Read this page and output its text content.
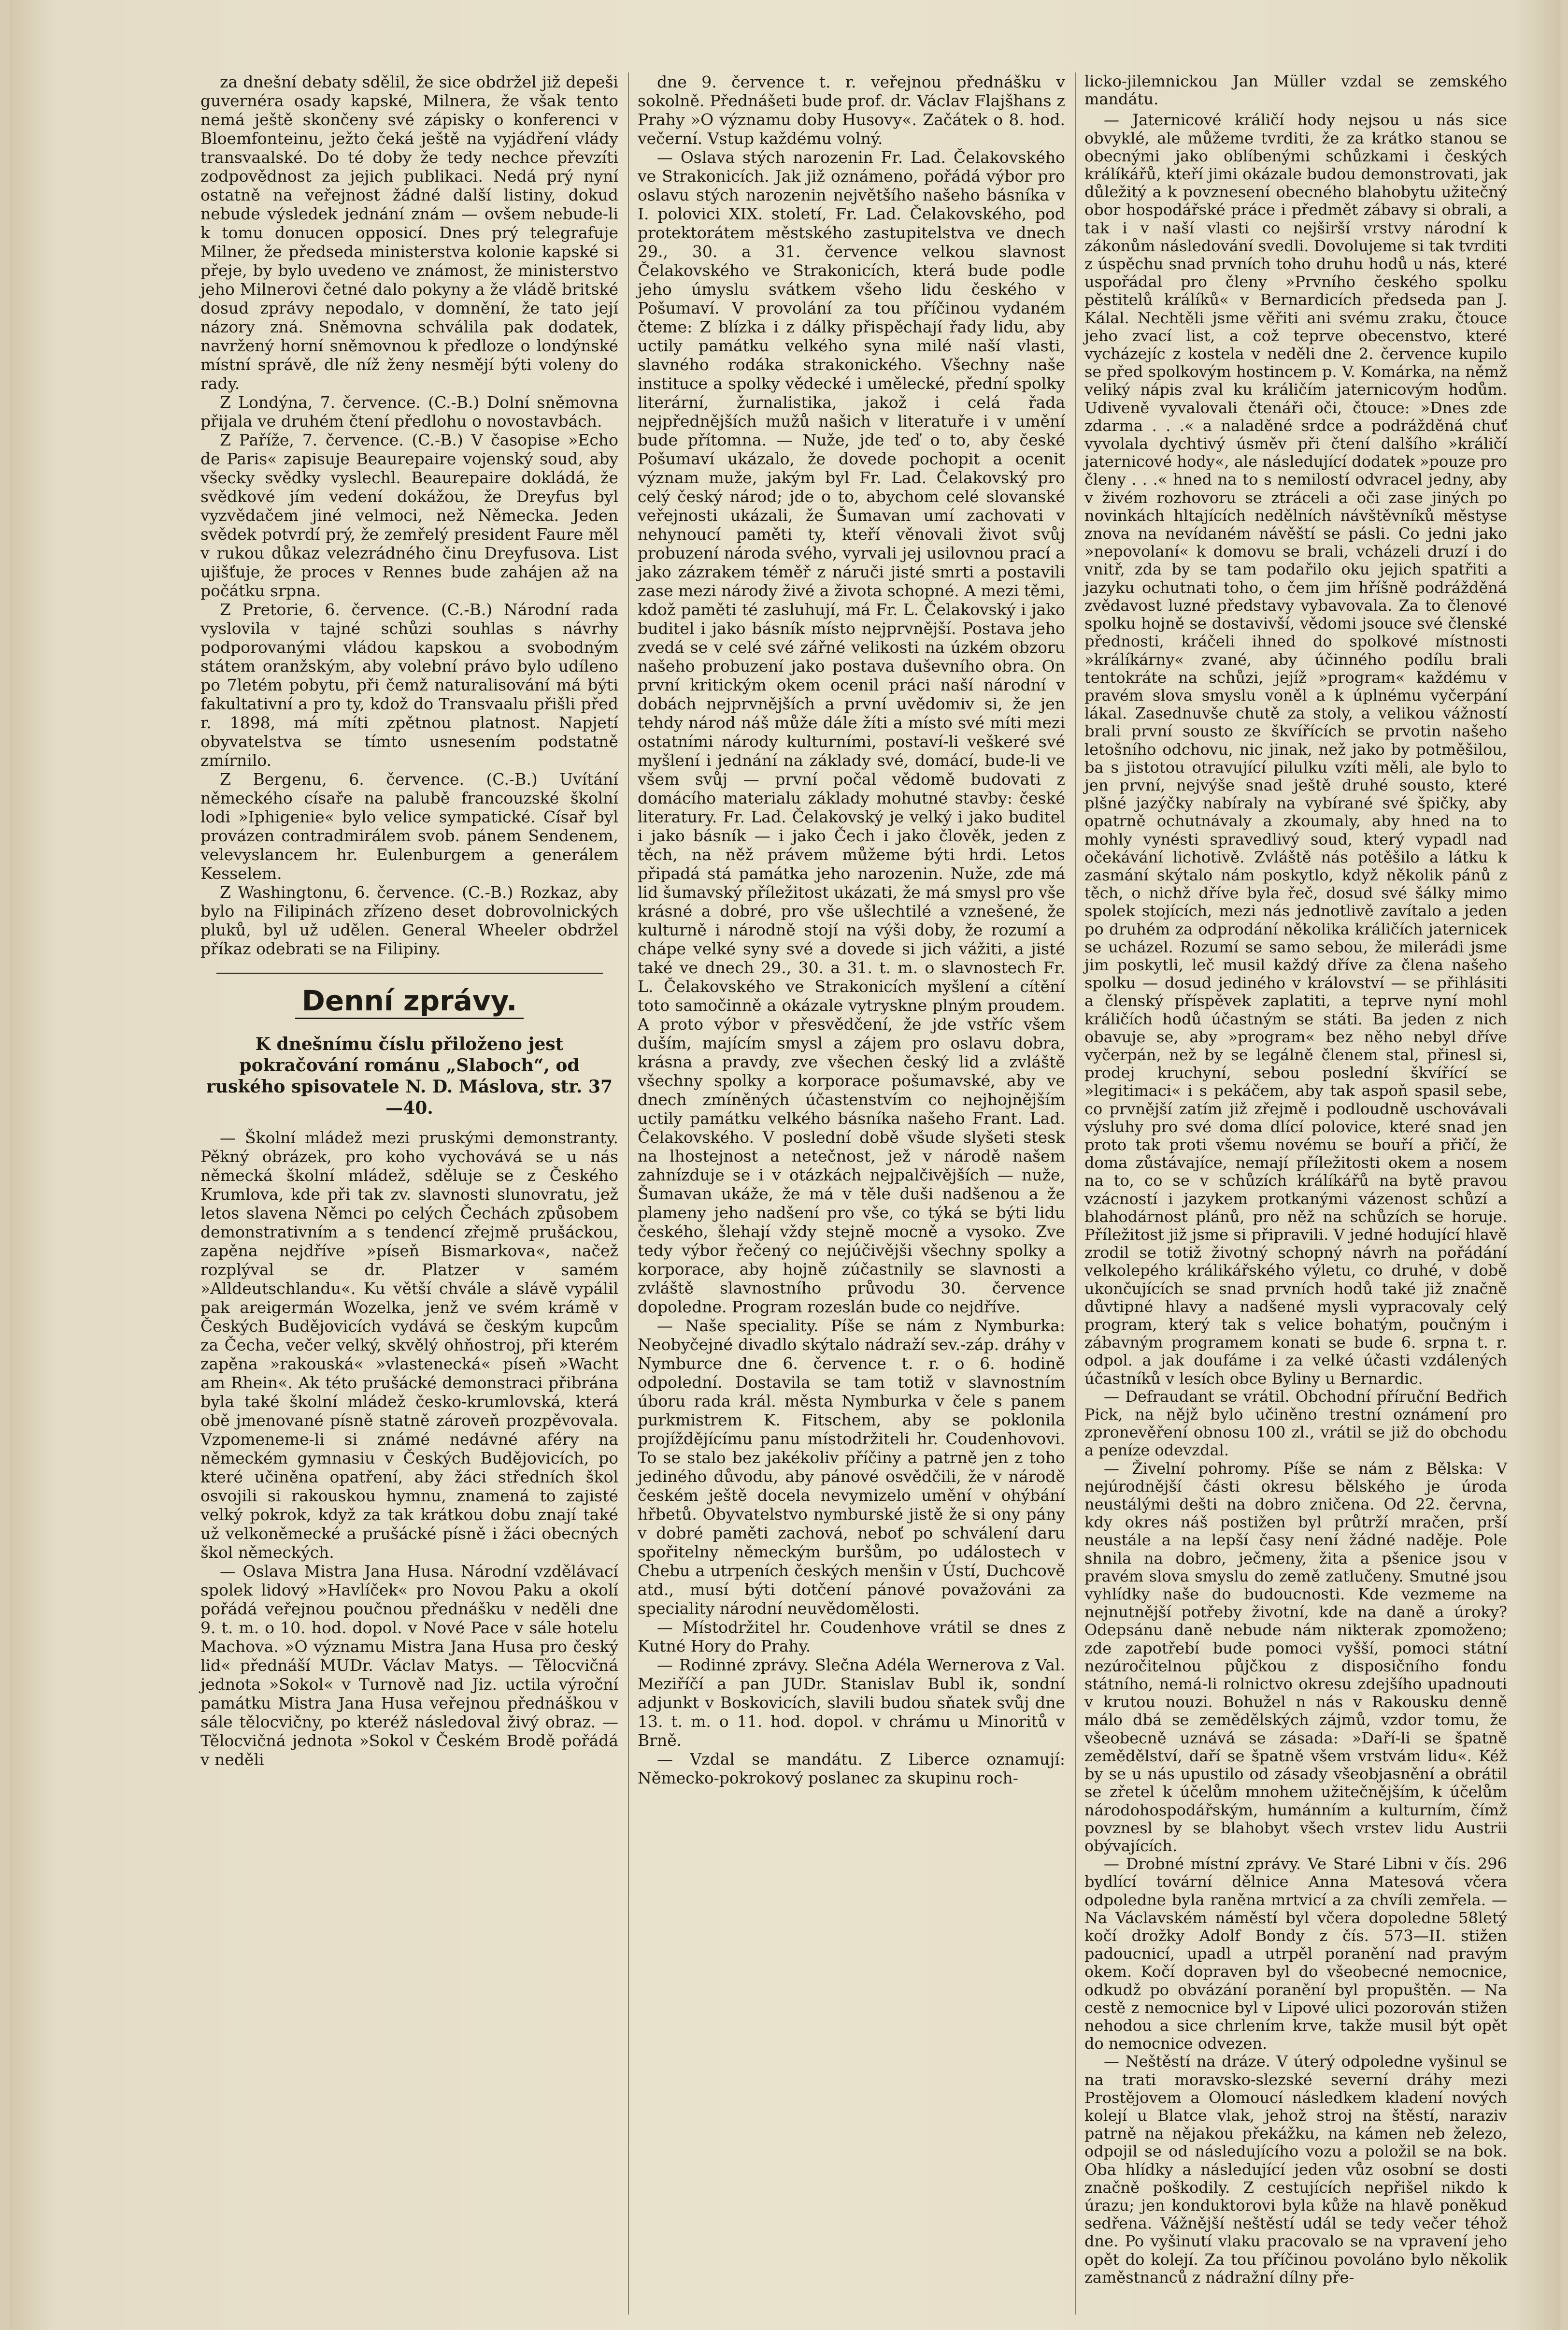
za dnešní debaty sdělil, že sice obdržel již depeši guvernéra osady kapské, Milnera, že však tento nemá ještě skončeny své zápisky o konferenci v Bloemfonteinu, ježto čeká ještě na vyjádření vlády transvaalské. Do té doby že tedy nechce převzíti zodpovědnost za jejich publikaci. Nedá prý nyní ostatně na veřejnost žádné další listiny, dokud nebude výsledek jednání znám — ovšem nebude-li k tomu donucen opposicí. Dnes prý telegrafuje Milner, že předseda ministerstva kolonie kapské si přeje, by bylo uvedeno ve známost, že ministerstvo jeho Milnerovi četné dalo pokyny a že vládě britské dosud zprávy nepodalo, v domnění, že tato její názory zná. Sněmovna schválila pak dodatek, navržený horní sněmovnou k předloze o londýnské místní správě, dle níž ženy nesmějí býti voleny do rady.

Z Londýna, 7. července. (C.-B.) Dolní sněmovna přijala ve druhém čtení předlohu o novostavbách.

Z Paříže, 7. července. (C.-B.) V časopise »Echo de Paris« zapisuje Beaurepaire vojenský soud, aby všecky svědky vyslechl. Beaurepaire dokládá, že svědkové jím vedení dokážou, že Dreyfus byl vyzvědačem jiné velmoci, než Německa. Jeden svědek potvrdí prý, že zemřelý president Faure měl v rukou důkaz velezrádného činu Dreyfusova. List ujišťuje, že proces v Rennes bude zahájen až na počátku srpna.

Z Pretorie, 6. července. (C.-B.) Národní rada vyslovila v tajné schůzi souhlas s návrhy podporovanými vládou kapskou a svobodným státem oranžským, aby volební právo bylo udíleno po 7letém pobytu, při čemž naturalisování má býti fakultativní a pro ty, kdož do Transvaalu přišli před r. 1898, má míti zpětnou platnost. Napjetí obyvatelstva se tímto usnesením podstatně zmírnilo.

Z Bergenu, 6. července. (C.-B.) Uvítání německého císaře na palubě francouzské školní lodi »Iphigenie« bylo velice sympatické. Císař byl provázen contradmirálem svob. pánem Sendenem, velevyslancem hr. Eulenburgem a generálem Kesselem.

Z Washingtonu, 6. července. (C.-B.) Rozkaz, aby bylo na Filipinách zřízeno deset dobrovolnických pluků, byl už udělen. General Wheeler obdržel příkaz odebrati se na Filipiny.

Denní zprávy.

K dnešnímu číslu přiloženo jest pokračování románu „Slaboch“, od ruského spisovatele N. D. Máslova, str. 37—40.

— Školní mládež mezi pruskými demonstranty. Pěkný obrázek, pro koho vychovává se u nás německá školní mládež, sděluje se z Českého Krumlova, kde při tak zv. slavnosti slunovratu, jež letos slavena Němci po celých Čechách způsobem demonstrativním a s tendencí zřejmě prušáckou, zapěna nejdříve »píseň Bismarkova«, načež rozplýval se dr. Platzer v samém »Alldeutschlandu«. Ku větší chvále a slávě vypálil pak areigermán Wozelka, jenž ve svém krámě v Českých Budějovicích vydává se českým kupcům za Čecha, večer velký, skvělý ohňostroj, při kterém zapěna »rakouská« »vlastenecká« píseň »Wacht am Rhein«. Ak této prušácké demonstraci přibrána byla také školní mládež česko-krumlovská, která obě jmenované písně statně zároveň prozpěvovala. Vzpomeneme-li si známé nedávné aféry na německém gymnasiu v Českých Budějovicích, po které učiněna opatření, aby žáci středních škol osvojili si rakouskou hymnu, znamená to zajisté velký pokrok, když za tak krátkou dobu znají také už velkoněmecké a prušácké písně i žáci obecných škol německých.

— Oslava Mistra Jana Husa. Národní vzdělávací spolek lidový »Havlíček« pro Novou Paku a okolí pořádá veřejnou poučnou přednášku v neděli dne 9. t. m. o 10. hod. dopol. v Nové Pace v sále hotelu Machova. »O významu Mistra Jana Husa pro český lid« přednáší MUDr. Václav Matys. — Tělocvičná jednota »Sokol« v Turnově nad Jiz. uctila výroční památku Mistra Jana Husa veřejnou přednáškou v sále tělocvičny, po kteréž následoval živý obraz. — Tělocvičná jednota »Sokol v Českém Brodě pořádá v neděli

dne 9. července t. r. veřejnou přednášku v sokolně. Přednášeti bude prof. dr. Václav Flajšhans z Prahy »O významu doby Husovy«. Začátek o 8. hod. večerní. Vstup každému volný.

— Oslava stých narozenin Fr. Lad. Čelakovského ve Strakonicích. Jak již oznámeno, pořádá výbor pro oslavu stých narozenin největšího našeho básníka v I. polovici XIX. století, Fr. Lad. Čelakovského, pod protektorátem městského zastupitelstva ve dnech 29., 30. a 31. července velkou slavnost Čelakovského ve Strakonicích, která bude podle jeho úmyslu svátkem všeho lidu českého v Pošumaví. V provolání za tou příčinou vydaném čteme: Z blízka i z dálky přispěchají řady lidu, aby uctily památku velkého syna milé naší vlasti, slavného rodáka strakonického. Všechny naše instituce a spolky vědecké i umělecké, přední spolky literární, žurnalistika, jakož i celá řada nejpřednějších mužů našich v literatuře i v umění bude přítomna. — Nuže, jde teď o to, aby české Pošumaví ukázalo, že dovede pochopit a ocenit význam muže, jakým byl Fr. Lad. Čelakovský pro celý český národ; jde o to, abychom celé slovanské veřejnosti ukázali, že Šumavan umí zachovati v nehynoucí paměti ty, kteří věnovali život svůj probuzení národa svého, vyrvali jej usilovnou prací a jako zázrakem téměř z náruči jisté smrti a postavili zase mezi národy živé a života schopné. A mezi těmi, kdož paměti té zasluhují, má Fr. L. Čelakovský i jako buditel i jako básník místo nejprvnější. Postava jeho zvedá se v celé své zářné velikosti na úzkém obzoru našeho probuzení jako postava duševního obra. On první kritickým okem ocenil práci naší národní v dobách nejprvnějších a první uvědomiv si, že jen tehdy národ náš může dále žíti a místo své míti mezi ostatními národy kulturními, postaví-li veškeré své myšlení i jednání na základy své, domácí, bude-li ve všem svůj — první počal vědomě budovati z domácího materialu základy mohutné stavby: české literatury. Fr. Lad. Čelakovský je velký i jako buditel i jako básník — i jako Čech i jako člověk, jeden z těch, na něž právem můžeme býti hrdi. Letos připadá stá památka jeho narozenin. Nuže, zde má lid šumavský příležitost ukázati, že má smysl pro vše krásné a dobré, pro vše ušlechtilé a vznešené, že kulturně i národně stojí na výši doby, že rozumí a chápe velké syny své a dovede si jich vážiti, a jisté také ve dnech 29., 30. a 31. t. m. o slavnostech Fr. L. Čelakovského ve Strakonicích myšlení a cítění toto samočinně a okázale vytryskne plným proudem. A proto výbor v přesvědčení, že jde vstříc všem duším, majícím smysl a zájem pro oslavu dobra, krásna a pravdy, zve všechen český lid a zvláště všechny spolky a korporace pošumavské, aby ve dnech zmíněných účastenstvím co nejhojnějším uctily památku velkého básníka našeho Frant. Lad. Čelakovského. V poslední době všude slyšeti stesk na lhostejnost a netečnost, jež v národě našem zahnízduje se i v otázkách nejpalčivějších — nuže, Šumavan ukáže, že má v těle duši nadšenou a že plameny jeho nadšení pro vše, co týká se býti lidu českého, šlehají vždy stejně mocně a vysoko. Zve tedy výbor řečený co nejúčivějši všechny spolky a korporace, aby hojně zúčastnily se slavnosti a zvláště slavnostního průvodu 30. července dopoledne. Program rozeslán bude co nejdříve.

— Naše speciality. Píše se nám z Nymburka: Neobyčejné divadlo skýtalo nádraží sev.-záp. dráhy v Nymburce dne 6. července t. r. o 6. hodině odpolední. Dostavila se tam totiž v slavnostním úboru rada král. města Nymburka v čele s panem purkmistrem K. Fitschem, aby se poklonila projíždějícímu panu místodržiteli hr. Coudenhovovi. To se stalo bez jakékoliv příčiny a patrně jen z toho jediného důvodu, aby pánové osvědčili, že v národě českém ještě docela nevymizelo umění v ohýbání hřbetů. Obyvatelstvo nymburské jistě že si ony pány v dobré paměti zachová, neboť po schválení daru spořitelny německým buršům, po událostech v Chebu a utrpeních českých menšin v Ústí, Duchcově atd., musí býti dotčení pánové považováni za speciality národní neuvědomělosti.

— Místodržitel hr. Coudenhove vrátil se dnes z Kutné Hory do Prahy.

— Rodinné zprávy. Slečna Adéla Wernerova z Val. Meziříčí a pan JUDr. Stanislav Bubl ik, sondní adjunkt v Boskovicích, slavili budou sňatek svůj dne 13. t. m. o 11. hod. dopol. v chrámu u Minoritů v Brně.

— Vzdal se mandátu. Z Liberce oznamují: Německo-pokrokový poslanec za skupinu roch-

licko-jilemnickou Jan Müller vzdal se zemského mandátu.

— Jaternicové králičí hody nejsou u nás sice obvyklé, ale můžeme tvrditi, že za krátko stanou se obecnými jako oblíbenými schůzkami i českých králíkářů, kteří jimi okázale budou demonstrovati, jak důležitý a k povznesení obecného blahobytu užitečný obor hospodářské práce i předmět zábavy si obrali, a tak i v naší vlasti co nejširší vrstvy národní k zákonům následování svedli. Dovolujeme si tak tvrditi z úspěchu snad prvních toho druhu hodů u nás, které uspořádal pro členy »Prvního českého spolku pěstitelů králíků« v Bernardicích předseda pan J. Kálal. Nechtěli jsme věřiti ani svému zraku, čtouce jeho zvací list, a což teprve obecenstvo, které vycházejíc z kostela v neděli dne 2. července kupilo se před spolkovým hostincem p. V. Komárka, na němž veliký nápis zval ku králičím jaternicovým hodům. Udiveně vyvalovali čtenáři oči, čtouce: »Dnes zde zdarma . . .« a naladěné srdce a podrážděná chuť vyvolala dychtivý úsměv při čtení dalšího »králičí jaternicové hody«, ale následující dodatek »pouze pro členy . . .« hned na to s nemilostí odvracel jedny, aby v živém rozhovoru se ztráceli a oči zase jiných po novinkách hltajících nedělních návštěvníků městyse znova na nevídaném návěští se pásli. Co jedni jako »nepovolaní« k domovu se brali, vcházeli druzí i do vnitř, zda by se tam podařilo oku jejich spatřiti a jazyku ochutnati toho, o čem jim hříšně podrážděná zvědavost luzné představy vybavovala. Za to členové spolku hojně se dostavivší, vědomi jsouce své členské přednosti, kráčeli ihned do spolkové místnosti »králíkárny« zvané, aby účinného podílu brali tentokráte na schůzi, jejíž »program« každému v pravém slova smyslu voněl a k úplnému vyčerpání lákal. Zasednuvše chutě za stoly, a velikou vážností brali první sousto ze škvířících se prvotin našeho letošního odchovu, nic jinak, než jako by potměšilou, ba s jistotou otravující pilulku vzíti měli, ale bylo to jen první, nejvýše snad ještě druhé sousto, které plšné jazýčky nabíraly na vybírané své špičky, aby opatrně ochutnávaly a zkoumaly, aby hned na to mohly vynésti spravedlivý soud, který vypadl nad očekávání lichotivě. Zvláště nás potěšilo a látku k zasmání skýtalo nám poskytlo, když několik pánů z těch, o nichž dříve byla řeč, dosud své šálky mimo spolek stojících, mezi nás jednotlivě zavítalo a jeden po druhém za odprodání několika králičích jaternicek se ucházel. Rozumí se samo sebou, že milerádi jsme jim poskytli, leč musil každý dříve za člena našeho spolku — dosud jediného v království — se přihlásiti a členský příspěvek zaplatiti, a teprve nyní mohl králičích hodů účastným se státi. Ba jeden z nich obavuje se, aby »program« bez něho nebyl dříve vyčerpán, než by se legálně členem stal, přinesl si, prodej kruchyní, sebou poslední škvířící se »legitimaci« i s pekáčem, aby tak aspoň spasil sebe, co prvnější zatím již zřejmě i podloudně uschovávali výsluhy pro své doma dlící polovice, které snad jen proto tak proti všemu novému se bouří a přičí, že doma zůstávajíce, nemají příležitosti okem a nosem na to, co se v schůzích králíkářů na bytě pravou vzácností i jazykem protkanými vázenost schůzí a blahodárnost plánů, pro něž na schůzích se horuje. Příležitost již jsme si připravili. V jedné hodující hlavě zrodil se totiž životný schopný návrh na pořádání velkolepého králikářského výletu, co druhé, v době ukončujících se snad prvních hodů také již značně důvtipné hlavy a nadšené mysli vypracovaly celý program, který tak s velice bohatým, poučným i zábavným programem konati se bude 6. srpna t. r. odpol. a jak doufáme i za velké účasti vzdálených účastníků v lesích obce Byliny u Bernardic.

— Defraudant se vrátil. Obchodní příruční Bedřich Pick, na nějž bylo učiněno trestní oznámení pro zpronevěření obnosu 100 zl., vrátil se již do obchodu a peníze odevzdal.

— Živelní pohromy. Píše se nám z Bělska: V nejúrodnější části okresu bělského je úroda neustálými dešti na dobro zničena. Od 22. června, kdy okres náš postižen byl průtrží mračen, prší neustále a na lepší časy není žádné naděje. Pole shnila na dobro, ječmeny, žita a pšenice jsou v pravém slova smyslu do země zatlučeny. Smutné jsou vyhlídky naše do budoucnosti. Kde vezmeme na nejnutnější potřeby životní, kde na daně a úroky? Odepsánu daně nebude nám nikterak zpomoženo; zde zapotřebí bude pomoci vyšší, pomoci státní nezúročitelnou půjčkou z disposičního fondu státního, nemá-li rolnictvo okresu zdejšího upadnouti v krutou nouzi. Bohužel n nás v Rakousku denně málo dbá se zemědělských zájmů, vzdor tomu, že všeobecně uznává se zásada: »Daří-li se špatně zemědělství, daří se špatně všem vrstvám lidu«. Kéž by se u nás upustilo od zásady všeobjasnění a obrátil se zřetel k účelům mnohem užitečnějším, k účelům národohospodářským, humánním a kulturním, čímž povznesl by se blahobyt všech vrstev lidu Austrii obývajících.

— Drobné místní zprávy. Ve Staré Libni v čís. 296 bydlící tovární dělnice Anna Matesová včera odpoledne byla raněna mrtvicí a za chvíli zemřela. — Na Václavském náměstí byl včera dopoledne 58letý kočí drožky Adolf Bondy z čís. 573—II. stižen padoucnicí, upadl a utrpěl poranění nad pravým okem. Kočí dopraven byl do všeobecné nemocnice, odkudž po obvázání poranění byl propuštěn. — Na cestě z nemocnice byl v Lipové ulici pozorován stižen nehodou a sice chrlením krve, takže musil být opět do nemocnice odvezen.

— Neštěstí na dráze. V úterý odpoledne vyšinul se na trati moravsko-slezské severní dráhy mezi Prostějovem a Olomoucí následkem kladení nových kolejí u Blatce vlak, jehož stroj na štěstí, naraziv patrně na nějakou překážku, na kámen neb železo, odpojil se od následujícího vozu a položil se na bok. Oba hlídky a následující jeden vůz osobní se dosti značně poškodily. Z cestujících nepřišel nikdo k úrazu; jen konduktorovi byla kůže na hlavě poněkud sedřena. Vážnější neštěstí udál se tedy večer téhož dne. Po vyšinutí vlaku pracovalo se na vpravení jeho opět do kolejí. Za tou příčinou povoláno bylo několik zaměstnanců z nádražní dílny pře-
